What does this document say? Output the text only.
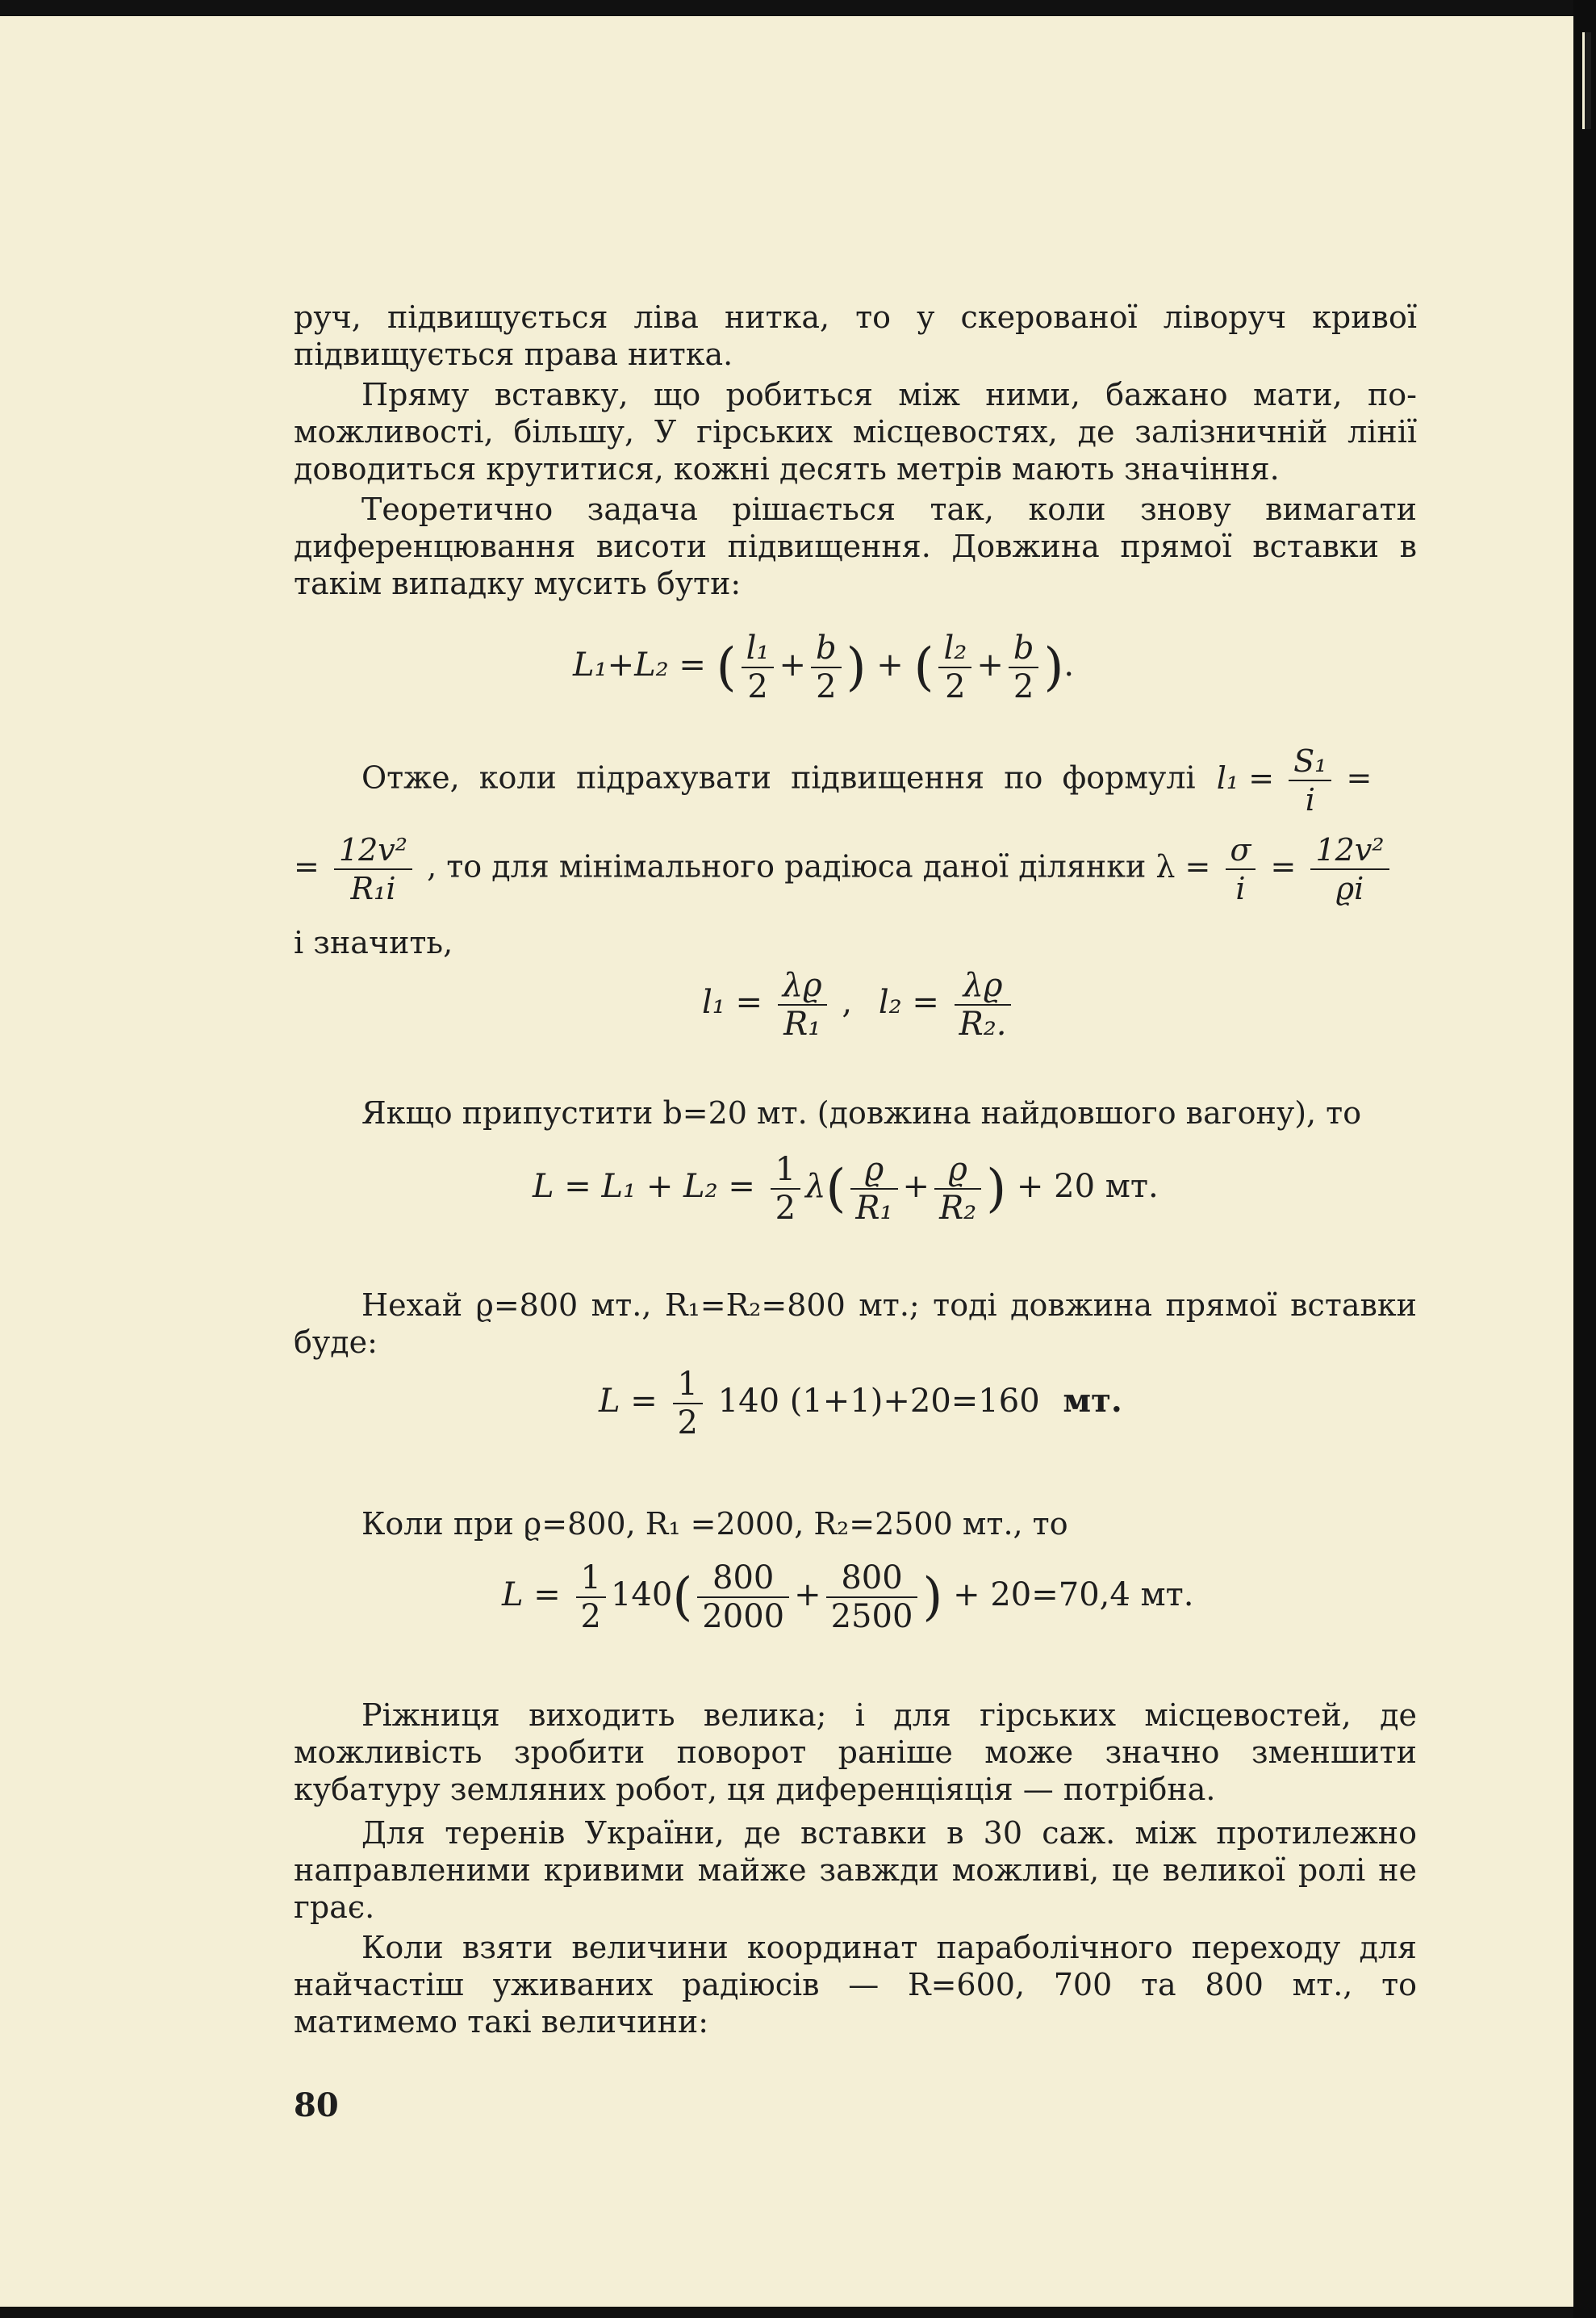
руч, підвищується ліва нитка, то у скерованої ліворуч кривої підвищується права нитка.

Пряму вставку, що робиться між ними, бажано мати, по-можливості, більшу, У гірських місцевостях, де залізничній лінії доводиться крутитися, кожні десять метрів мають значіння.

Теоретично задача рішається так, коли знову вимагати диференцювання висоти підвищення. Довжина прямої вставки в такім випадку мусить бути:

L₁+L₂ = ( $\frac{\text{l₁}}{2} + \frac{b}{2}$ ) + ( $\frac{\text{l₂}}{2} + \frac{b}{2}$ ).
Отже, коли підрахувати підвищення по формулі $l_1 = \frac{\text{S₁}}{i}$ =
= $\frac{\text{12v²}}{\text{R₁i}}$ , то для мінімального радіюса даної ділянки $\lambda = \frac{\sigma}{i} = \frac{\text{12v²}}{ϱi}$
і значить,
$l_1 = \frac{\lambda ϱ}{\text{R₁}}$ , $l_2 = \frac{\lambda ϱ}{\text{R₂.}}$

Якщо припустити b=20 мт. (довжина найдовшого вагону), то

$L = L_1 + L_2 = \frac{1}{2} \lambda( \frac{ϱ}{\text{R₁}} + \frac{ϱ}{\text{R₂}}$ ) + 20 мт.

Нехай ϱ=800 мт., R₁=R₂=800 мт.; тоді довжина прямої вставки буде:

$L = \frac{1}{2} 140$ (1+1)+20=160 мт.

Коли при ϱ=800, R₁ =2000, R₂=2500 мт., то

$L = \frac{1}{2} 140( \frac{800}{2000} + \frac{800}{2500}$ ) + 20=70,4 мт.

Ріжниця виходить велика; і для гірських місцевостей, де можливість зробити поворот раніше може значно зменшити кубатуру земляних робот, ця диференціяція — потрібна.

Для теренів України, де вставки в 30 саж. між протилежно направленими кривими майже завжди можливі, це великої ролі не грає.

Коли взяти величини координат параболічного переходу для найчастіш уживаних радіюсів — R=600, 700 та 800 мт., то матимемо такі величини:

80
